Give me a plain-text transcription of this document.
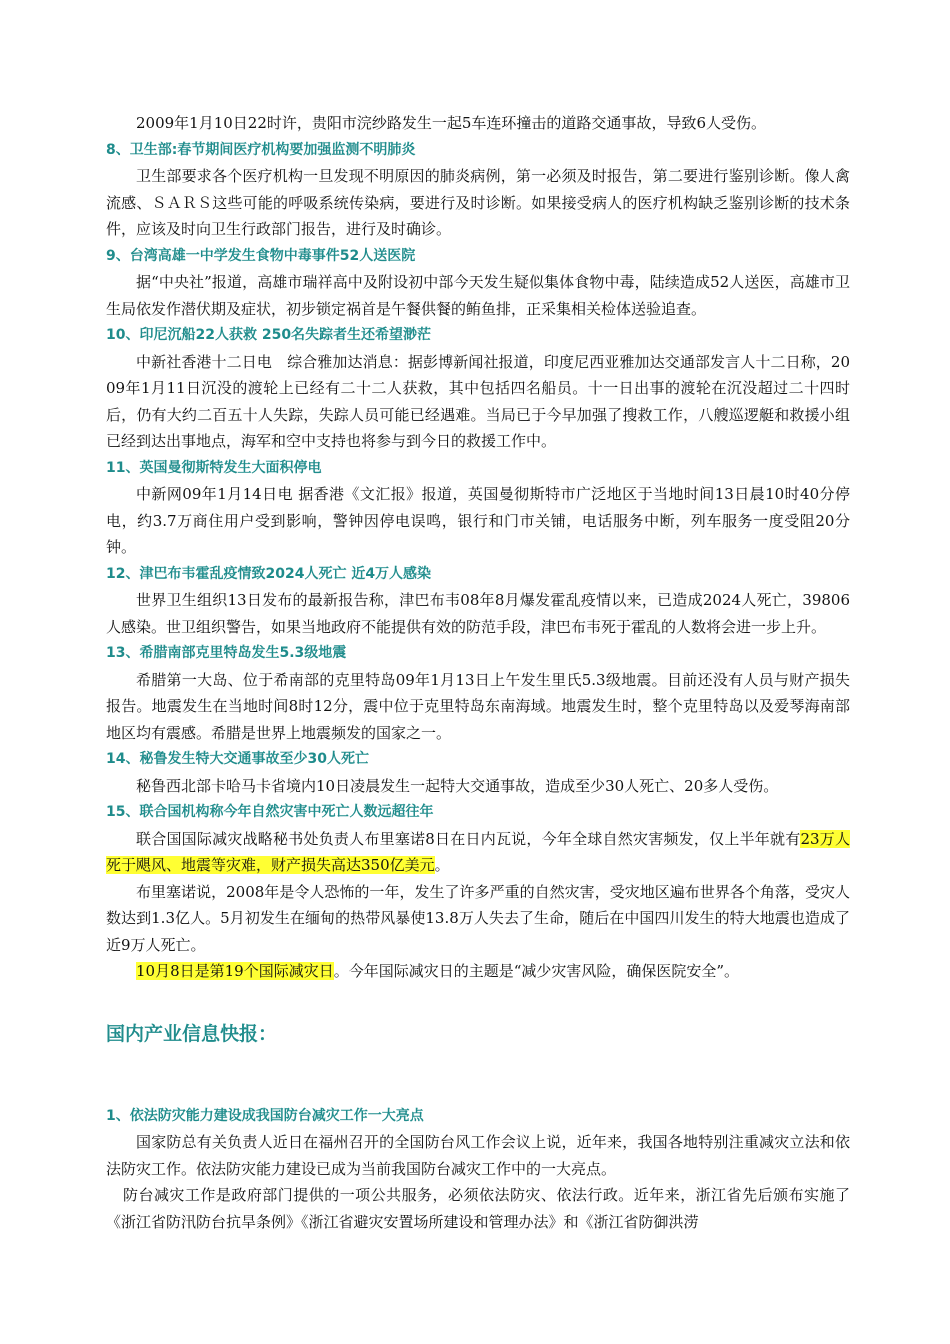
2009年1月10日22时许，贵阳市浣纱路发生一起5车连环撞击的道路交通事故，导致6人受伤。

8、卫生部:春节期间医疗机构要加强监测不明肺炎

卫生部要求各个医疗机构一旦发现不明原因的肺炎病例，第一必须及时报告，第二要进行鉴别诊断。像人禽流感、ＳＡＲＳ这些可能的呼吸系统传染病，要进行及时诊断。如果接受病人的医疗机构缺乏鉴别诊断的技术条件，应该及时向卫生行政部门报告，进行及时确诊。

9、台湾高雄一中学发生食物中毒事件52人送医院

据“中央社”报道，高雄市瑞祥高中及附设初中部今天发生疑似集体食物中毒，陆续造成52人送医，高雄市卫生局依发作潜伏期及症状，初步锁定祸首是午餐供餐的鲔鱼排，正采集相关检体送验追查。

10、印尼沉船22人获救 250名失踪者生还希望渺茫

中新社香港十二日电　综合雅加达消息：据彭博新闻社报道，印度尼西亚雅加达交通部发言人十二日称，2009年1月11日沉没的渡轮上已经有二十二人获救，其中包括四名船员。十一日出事的渡轮在沉没超过二十四时后，仍有大约二百五十人失踪，失踪人员可能已经遇难。当局已于今早加强了搜救工作，八艘巡逻艇和救援小组已经到达出事地点，海军和空中支持也将参与到今日的救援工作中。

11、英国曼彻斯特发生大面积停电

中新网09年1月14日电 据香港《文汇报》报道，英国曼彻斯特市广泛地区于当地时间13日晨10时40分停电，约3.7万商住用户受到影响，警钟因停电误鸣，银行和门市关铺，电话服务中断，列车服务一度受阻20分钟。

12、津巴布韦霍乱疫情致2024人死亡 近4万人感染

世界卫生组织13日发布的最新报告称，津巴布韦08年8月爆发霍乱疫情以来，已造成2024人死亡，39806人感染。世卫组织警告，如果当地政府不能提供有效的防范手段，津巴布韦死于霍乱的人数将会进一步上升。

13、希腊南部克里特岛发生5.3级地震

希腊第一大岛、位于希南部的克里特岛09年1月13日上午发生里氏5.3级地震。目前还没有人员与财产损失报告。地震发生在当地时间8时12分，震中位于克里特岛东南海域。地震发生时，整个克里特岛以及爱琴海南部地区均有震感。希腊是世界上地震频发的国家之一。

14、秘鲁发生特大交通事故至少30人死亡

秘鲁西北部卡哈马卡省境内10日凌晨发生一起特大交通事故，造成至少30人死亡、20多人受伤。

15、联合国机构称今年自然灾害中死亡人数远超往年

联合国国际减灾战略秘书处负责人布里塞诺8日在日内瓦说，今年全球自然灾害频发，仅上半年就有23万人死于飓风、地震等灾难，财产损失高达350亿美元。

布里塞诺说，2008年是令人恐怖的一年，发生了许多严重的自然灾害，受灾地区遍布世界各个角落，受灾人数达到1.3亿人。5月初发生在缅甸的热带风暴使13.8万人失去了生命，随后在中国四川发生的特大地震也造成了近9万人死亡。

10月8日是第19个国际减灾日。今年国际减灾日的主题是“减少灾害风险，确保医院安全”。

国内产业信息快报：
1、依法防灾能力建设成我国防台减灾工作一大亮点

国家防总有关负责人近日在福州召开的全国防台风工作会议上说，近年来，我国各地特别注重减灾立法和依法防灾工作。依法防灾能力建设已成为当前我国防台减灾工作中的一大亮点。

防台减灾工作是政府部门提供的一项公共服务，必须依法防灾、依法行政。近年来，浙江省先后颁布实施了《浙江省防汛防台抗旱条例》《浙江省避灾安置场所建设和管理办法》和《浙江省防御洪涝
